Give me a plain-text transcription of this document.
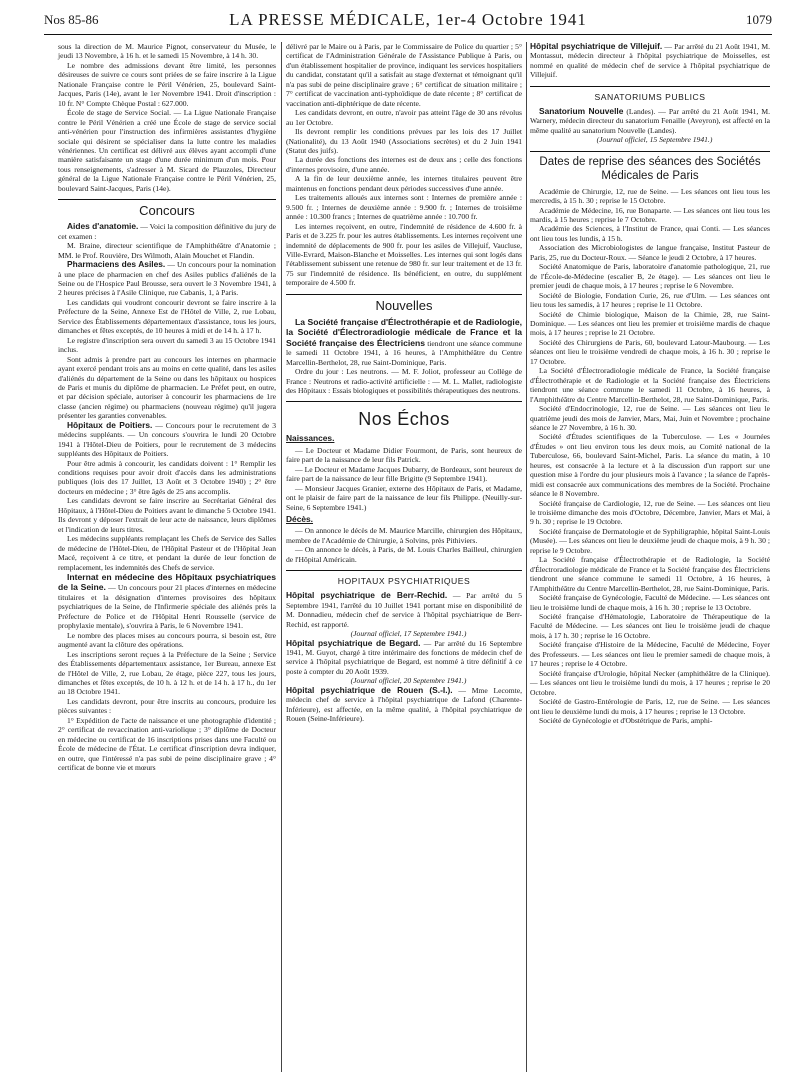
Nos 85-86	LA PRESSE MÉDICALE, 1er-4 Octobre 1941	1079

sous la direction de M. Maurice Pignot, conservateur du Musée, le jeudi 13 Novembre, à 16 h. et le samedi 15 Novembre, à 14 h. 30.

Le nombre des admissions devant être limité, les personnes désireuses de suivre ce cours sont priées de se faire inscrire à la Ligue Nationale Française contre le Péril Vénérien, 25, boulevard Saint-Jacques, Paris (14e), avant le 1er Novembre 1941. Droit d'inscription : 10 fr. N° Compte Chèque Postal : 627.000.

École de stage de Service Social. — La Ligue Nationale Française contre le Péril Vénérien a créé une École de stage de service social anti-vénérien pour l'instruction des infirmières assistantes d'hygiène sociale qui désirent se spécialiser dans la lutte contre les maladies vénériennes. Un certificat est délivré aux élèves ayant accompli d'une manière satisfaisante un stage d'une durée minimum d'un mois. Pour tous renseignements, s'adresser à M. Sicard de Plauzoles, Directeur général de la Ligue Nationale Française contre le Péril Vénérien, 25, boulevard Saint-Jacques, Paris (14e).

Concours

Aides d'anatomie. — Voici la composition définitive du jury de cet examen :

M. Braine, directeur scientifique de l'Amphithéâtre d'Anatomie ; MM. le Prof. Rouvière, Drs Wilmoth, Alain Mouchet et Flandin.

Pharmaciens des Asiles. — Un concours pour la nomination à une place de pharmacien en chef des Asiles publics d'aliénés de la Seine ou de l'Hospice Paul Brousse, sera ouvert le 3 Novembre 1941, à 2 heures précises à l'Asile Clinique, rue Cabanis, 1, à Paris.

Les candidats qui voudront concourir devront se faire inscrire à la Préfecture de la Seine, Annexe Est de l'Hôtel de Ville, 2, rue Lobau, Service des Établissements départementaux d'assistance, tous les jours, dimanches et fêtes exceptés, de 10 heures à midi et de 14 h. à 17 h.

Le registre d'inscription sera ouvert du samedi 3 au 15 Octobre 1941 inclus.

Sont admis à prendre part au concours les internes en pharmacie ayant exercé pendant trois ans au moins en cette qualité, dans les asiles d'aliénés du département de la Seine ou dans les hôpitaux ou hospices de Paris et munis du diplôme de pharmacien. Le Préfet peut, en outre, et par décision spéciale, autoriser à concourir les pharmaciens de 1re classe (ancien régime) ou pharmaciens (nouveau régime) qu'il jugera présenter les garanties convenables.

Hôpitaux de Poitiers. — Concours pour le recrutement de 3 médecins suppléants. — Un concours s'ouvrira le lundi 20 Octobre 1941 à l'Hôtel-Dieu de Poitiers, pour le recrutement de 3 médecins suppléants des Hôpitaux de Poitiers.

Pour être admis à concourir, les candidats doivent : 1° Remplir les conditions requises pour avoir droit d'accès dans les administrations publiques (lois des 17 Juillet, 13 Août et 3 Octobre 1940) ; 2° être docteurs en médecine ; 3° être âgés de 25 ans accomplis.

Les candidats devront se faire inscrire au Secrétariat Général des Hôpitaux, à l'Hôtel-Dieu de Poitiers avant le dimanche 5 Octobre 1941. Ils devront y déposer l'extrait de leur acte de naissance, leurs diplômes et l'indication de leurs titres.

Les médecins suppléants remplaçant les Chefs de Service des Salles de médecine de l'Hôtel-Dieu, de l'Hôpital Pasteur et de l'Hôpital Jean Macé, reçoivent à ce titre, et pendant la durée de leur fonction de remplacement, les indemnités des Chefs de service.

Internat en médecine des Hôpitaux psychiatriques de la Seine. — Un concours pour 21 places d'internes en médecine titulaires et la désignation d'internes provisoires des hôpitaux psychiatriques de la Seine, de l'Infirmerie spéciale des aliénés près la Préfecture de Police et de l'Hôpital Henri Rousselle (service de prophylaxie mentale), s'ouvrira à Paris, le 6 Novembre 1941.

Le nombre des places mises au concours pourra, si besoin est, être augmenté avant la clôture des opérations.

Les inscriptions seront reçues à la Préfecture de la Seine ; Service des Établissements départementaux assistance, 1er Bureau, annexe Est de l'Hôtel de Ville, 2, rue Lobau, 2e étage, pièce 227, tous les jours, dimanches et fêtes exceptés, de 10 h. à 12 h. et de 14 h. à 17 h., du 1er au 18 Octobre 1941.

Les candidats devront, pour être inscrits au concours, produire les pièces suivantes :

1° Expédition de l'acte de naissance et une photographie d'identité ; 2° certificat de revaccination anti-variolique ; 3° diplôme de Docteur en médecine ou certificat de 16 inscriptions prises dans une Faculté ou École de médecine de l'État. Le certificat d'inscription devra indiquer, en outre, que l'intéressé n'a pas subi de peine disciplinaire grave ; 4° certificat de bonne vie et mœurs

délivré par le Maire ou à Paris, par le Commissaire de Police du quartier ; 5° certificat de l'Administration Générale de l'Assistance Publique à Paris, ou d'un établissement hospitalier de province, indiquant les services hospitaliers du candidat, constatant qu'il a satisfait au stage d'externat et témoignant qu'il n'a pas subi de peine disciplinaire grave ; 6° certificat de situation militaire ; 7° certificat de vaccination anti-typhoïdique de date récente ; 8° certificat de vaccination anti-diphtérique de date récente.

Les candidats devront, en outre, n'avoir pas atteint l'âge de 30 ans révolus au 1er Octobre.

Ils devront remplir les conditions prévues par les lois des 17 Juillet (Nationalité), du 13 Août 1940 (Associations secrètes) et du 2 Juin 1941 (Statut des juifs).

La durée des fonctions des internes est de deux ans ; celle des fonctions d'internes provisoire, d'une année.

A la fin de leur deuxième année, les internes titulaires peuvent être maintenus en fonctions pendant deux périodes successives d'une année.

Les traitements alloués aux internes sont : Internes de première année : 9.500 fr. ; Internes de deuxième année : 9.900 fr. ; Internes de troisième année : 10.300 francs ; Internes de quatrième année : 10.700 fr.

Les internes reçoivent, en outre, l'indemnité de résidence de 4.600 fr. à Paris et de 3.225 fr. pour les autres établissements. Les internes reçoivent une indemnité de déplacements de 900 fr. pour les asiles de Villejuif, Vaucluse, Ville-Evrard, Maison-Blanche et Moisselles. Les internes qui sont logés dans l'établissement subissent une retenue de 980 fr. sur leur traitement et de 13 fr. 75 sur l'indemnité de résidence. Ils bénéficient, en outre, du supplément temporaire de 4.500 fr.

Nouvelles

La Société française d'Électrothérapie et de Radiologie, la Société d'Électroradiologie médicale de France et la Société française des Électriciens tiendront une séance commune le samedi 11 Octobre 1941, à 16 heures, à l'Amphithéâtre du Centre Marcellin-Berthelot, 28, rue Saint-Dominique, Paris.

Ordre du jour : Les neutrons. — M. F. Joliot, professeur au Collège de France : Neutrons et radio-activité artificielle : — M. L. Mallet, radiologiste des Hôpitaux : Essais biologiques et possibilités thérapeutiques des neutrons.

Nos Échos
Naissances.

— Le Docteur et Madame Didier Fourmont, de Paris, sont heureux de faire part de la naissance de leur fils Patrick.

— Le Docteur et Madame Jacques Dubarry, de Bordeaux, sont heureux de faire part de la naissance de leur fille Brigitte (9 Septembre 1941).

— Monsieur Jacques Granier, externe des Hôpitaux de Paris, et Madame, ont le plaisir de faire part de la naissance de leur fils Philippe. (Neuilly-sur-Seine, 6 Septembre 1941.)

Décès.

— On annonce le décès de M. Maurice Marcille, chirurgien des Hôpitaux, membre de l'Académie de Chirurgie, à Solvins, près Pithiviers.

— On annonce le décès, à Paris, de M. Louis Charles Bailleul, chirurgien de l'Hôpital Américain.

HOPITAUX PSYCHIATRIQUES

Hôpital psychiatrique de Berr-Rechid. — Par arrêté du 5 Septembre 1941, l'arrêté du 10 Juillet 1941 portant mise en disponibilité de M. Donnadieu, médecin chef de service à l'hôpital psychiatrique de Berr-Rechid, est rapporté.

(Journal officiel, 17 Septembre 1941.)

Hôpital psychiatrique de Begard. — Par arrêté du 16 Septembre 1941, M. Guyot, chargé à titre intérimaire des fonctions de médecin chef de service à l'hôpital psychiatrique de Begard, est nommé à titre définitif à ce poste à compter du 20 Août 1939.

(Journal officiel, 20 Septembre 1941.)

Hôpital psychiatrique de Rouen (S.-I.). — Mme Lecomte, médecin chef de service à l'hôpital psychiatrique de Lafond (Charente-Inférieure), est affectée, en la même qualité, à l'hôpital psychiatrique de Rouen (Seine-Inférieure).

Hôpital psychiatrique de Villejuif. — Par arrêté du 21 Août 1941, M. Montassut, médecin directeur à l'hôpital psychiatrique de Moisselles, est nommé en qualité de médecin chef de service à l'hôpital psychiatrique de Villejuif.

SANATORIUMS PUBLICS

Sanatorium Nouvelle (Landes). — Par arrêté du 21 Août 1941, M. Warnery, médecin directeur du sanatorium Fenaille (Aveyron), est affecté en la même qualité au sanatorium Nouvelle (Landes).

(Journal officiel, 15 Septembre 1941.)

Dates de reprise des séances des Sociétés Médicales de Paris

Académie de Chirurgie, 12, rue de Seine. — Les séances ont lieu tous les mercredis, à 15 h. 30 ; reprise le 15 Octobre.

Académie de Médecine, 16, rue Bonaparte. — Les séances ont lieu tous les mardis, à 15 heures ; reprise le 7 Octobre.

Académie des Sciences, à l'Institut de France, quai Conti. — Les séances ont lieu tous les lundis, à 15 h.

Association des Microbiologistes de langue française, Institut Pasteur de Paris, 25, rue du Docteur-Roux. — Séance le jeudi 2 Octobre, à 17 heures.

Société Anatomique de Paris, laboratoire d'anatomie pathologique, 21, rue de l'École-de-Médecine (escalier B, 2e étage). — Les séances ont lieu le premier jeudi de chaque mois, à 17 heures ; reprise le 6 Novembre.

Société de Biologie, Fondation Curie, 26, rue d'Ulm. — Les séances ont lieu tous les samedis, à 17 heures ; reprise le 11 Octobre.

Société de Chimie biologique, Maison de la Chimie, 28, rue Saint-Dominique. — Les séances ont lieu les premier et troisième mardis de chaque mois, à 17 heures ; reprise le 21 Octobre.

Société des Chirurgiens de Paris, 60, boulevard Latour-Maubourg. — Les séances ont lieu le troisième vendredi de chaque mois, à 16 h. 30 ; reprise le 17 Octobre.

La Société d'Électroradiologie médicale de France, la Société française d'Électrothérapie et de Radiologie et la Société française des Électriciens tiendront une séance commune le samedi 11 Octobre, à 16 heures, à l'Amphithéâtre du Centre Marcellin-Berthelot, 28, rue Saint-Dominique, Paris.

Société d'Endocrinologie, 12, rue de Seine. — Les séances ont lieu le quatrième jeudi des mois de Janvier, Mars, Mai, Juin et Novembre ; prochaine séance le 27 Novembre, à 16 h. 30.

Société d'Études scientifiques de la Tuberculose. — Les « Journées d'Études » ont lieu environ tous les deux mois, au Comité national de la Tuberculose, 66, boulevard Saint-Michel, Paris. La séance du matin, à 10 heures, est consacrée à la lecture et à la discussion d'un rapport sur une question mise à l'ordre du jour plusieurs mois à l'avance ; la séance de l'après-midi est consacrée aux communications des membres de la Société. Prochaine séance le 8 Novembre.

Société française de Cardiologie, 12, rue de Seine. — Les séances ont lieu le troisième dimanche des mois d'Octobre, Décembre, Janvier, Mars et Mai, à 9 h. 30 ; reprise le 19 Octobre.

Société française de Dermatologie et de Syphiligraphie, hôpital Saint-Louis (Musée). — Les séances ont lieu le deuxième jeudi de chaque mois, à 9 h. 30 ; reprise le 9 Octobre.

La Société française d'Électrothérapie et de Radiologie, la Société d'Électroradiologie médicale de France et la Société française des Électriciens tiendront une séance commune le samedi 11 Octobre, à 16 heures, à l'Amphithéâtre du Centre Marcellin-Berthelot, 28, rue Saint-Dominique, Paris.

Société française de Gynécologie, Faculté de Médecine. — Les séances ont lieu le troisième lundi de chaque mois, à 16 h. 30 ; reprise le 13 Octobre.

Société française d'Hématologie, Laboratoire de Thérapeutique de la Faculté de Médecine. — Les séances ont lieu le troisième jeudi de chaque mois, à 17 h. 30 ; reprise le 16 Octobre.

Société française d'Histoire de la Médecine, Faculté de Médecine, Foyer des Professeurs. — Les séances ont lieu le premier samedi de chaque mois, à 17 heures ; reprise le 4 Octobre.

Société française d'Urologie, hôpital Necker (amphithéâtre de la Clinique). — Les séances ont lieu le troisième lundi du mois, à 17 heures ; reprise le 20 Octobre.

Société de Gastro-Entérologie de Paris, 12, rue de Seine. — Les séances ont lieu le deuxième lundi du mois, à 17 heures ; reprise le 13 Octobre.

Société de Gynécologie et d'Obstétrique de Paris, amphi-
